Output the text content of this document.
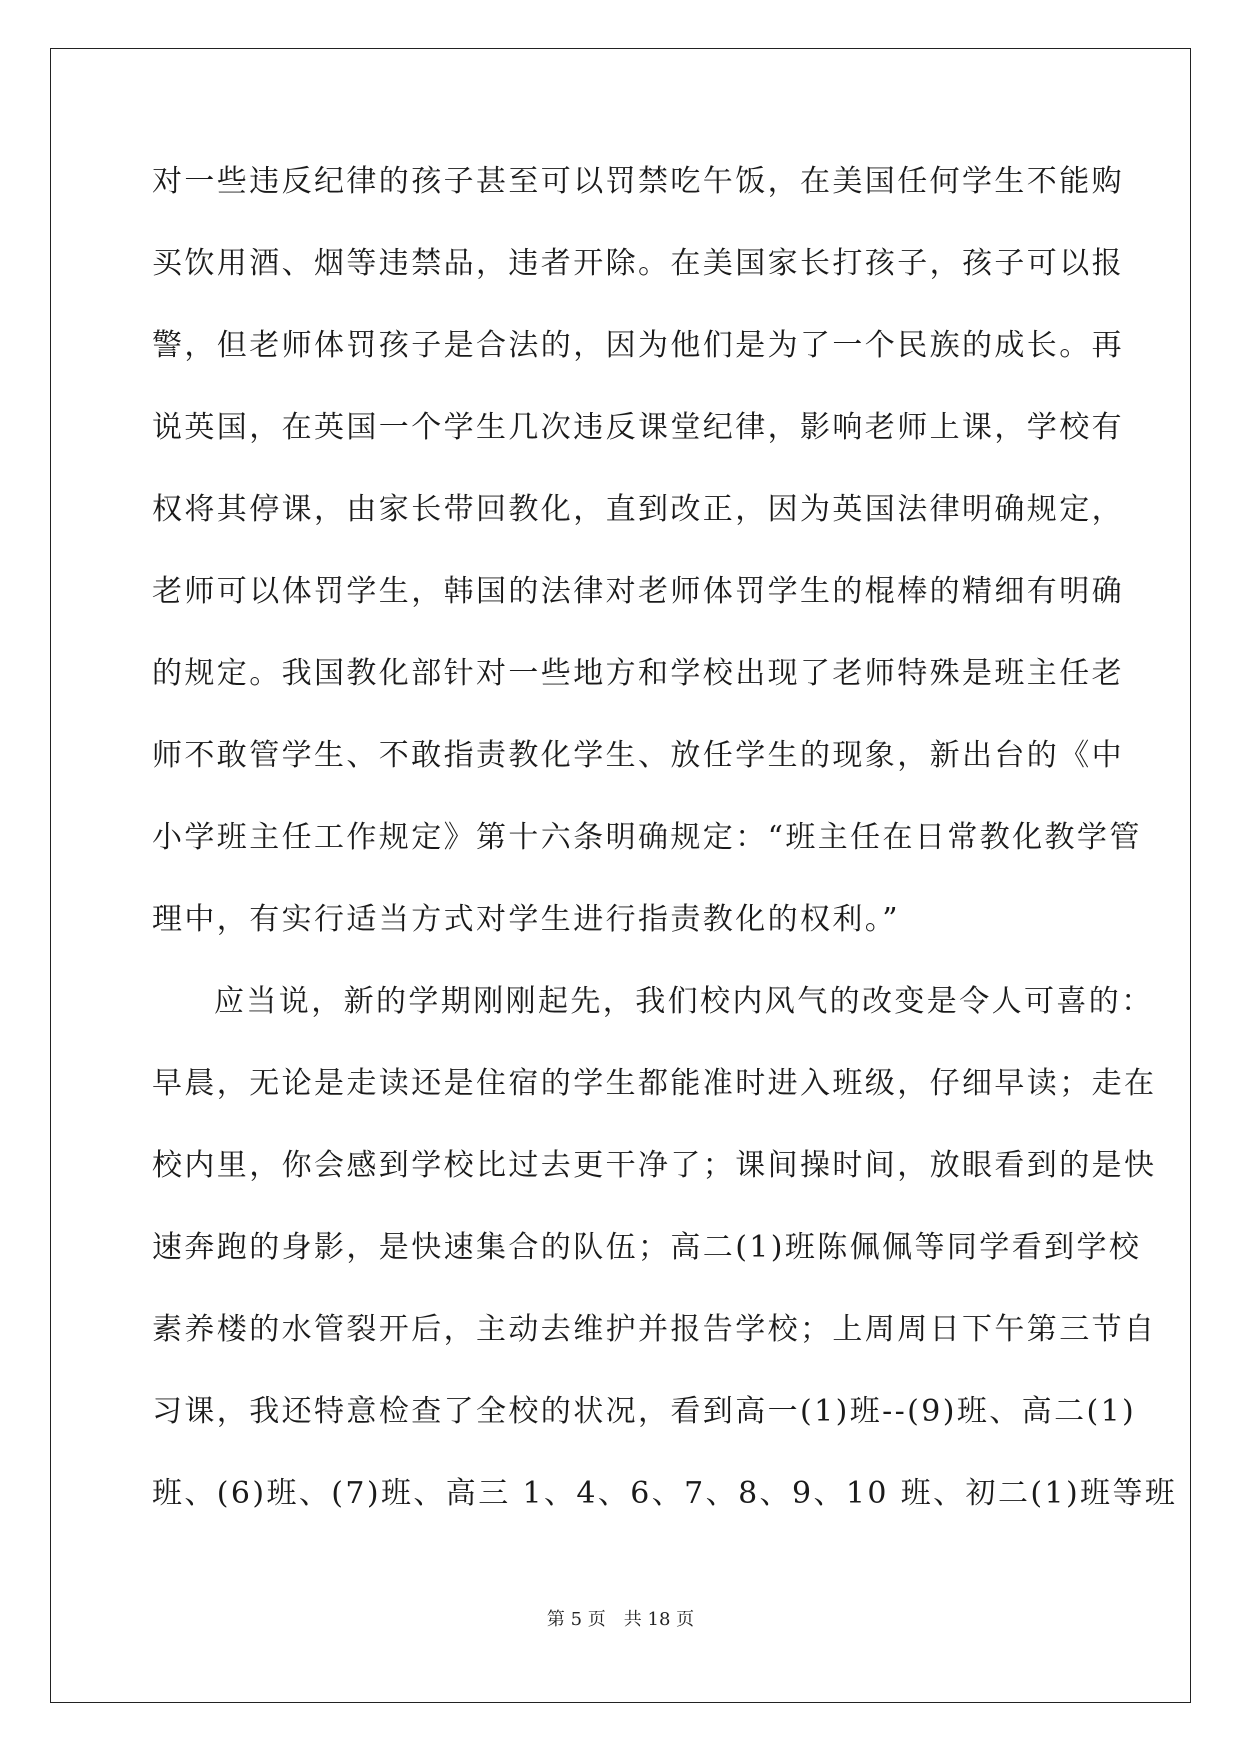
对一些违反纪律的孩子甚至可以罚禁吃午饭，在美国任何学生不能购
买饮用酒、烟等违禁品，违者开除。在美国家长打孩子，孩子可以报
警，但老师体罚孩子是合法的，因为他们是为了一个民族的成长。再
说英国，在英国一个学生几次违反课堂纪律，影响老师上课，学校有
权将其停课，由家长带回教化，直到改正，因为英国法律明确规定，
老师可以体罚学生，韩国的法律对老师体罚学生的棍棒的精细有明确
的规定。我国教化部针对一些地方和学校出现了老师特殊是班主任老
师不敢管学生、不敢指责教化学生、放任学生的现象，新出台的《中
小学班主任工作规定》第十六条明确规定：“班主任在日常教化教学管
理中，有实行适当方式对学生进行指责教化的权利。”
应当说，新的学期刚刚起先，我们校内风气的改变是令人可喜的：
早晨，无论是走读还是住宿的学生都能准时进入班级，仔细早读；走在
校内里，你会感到学校比过去更干净了；课间操时间，放眼看到的是快
速奔跑的身影，是快速集合的队伍；高二(1)班陈佩佩等同学看到学校
素养楼的水管裂开后，主动去维护并报告学校；上周周日下午第三节自
习课，我还特意检查了全校的状况，看到高一(1)班--(9)班、高二(1)
班、(6)班、(7)班、高三 1、4、6、7、8、9、10 班、初二(1)班等班
第 5 页 共 18 页
